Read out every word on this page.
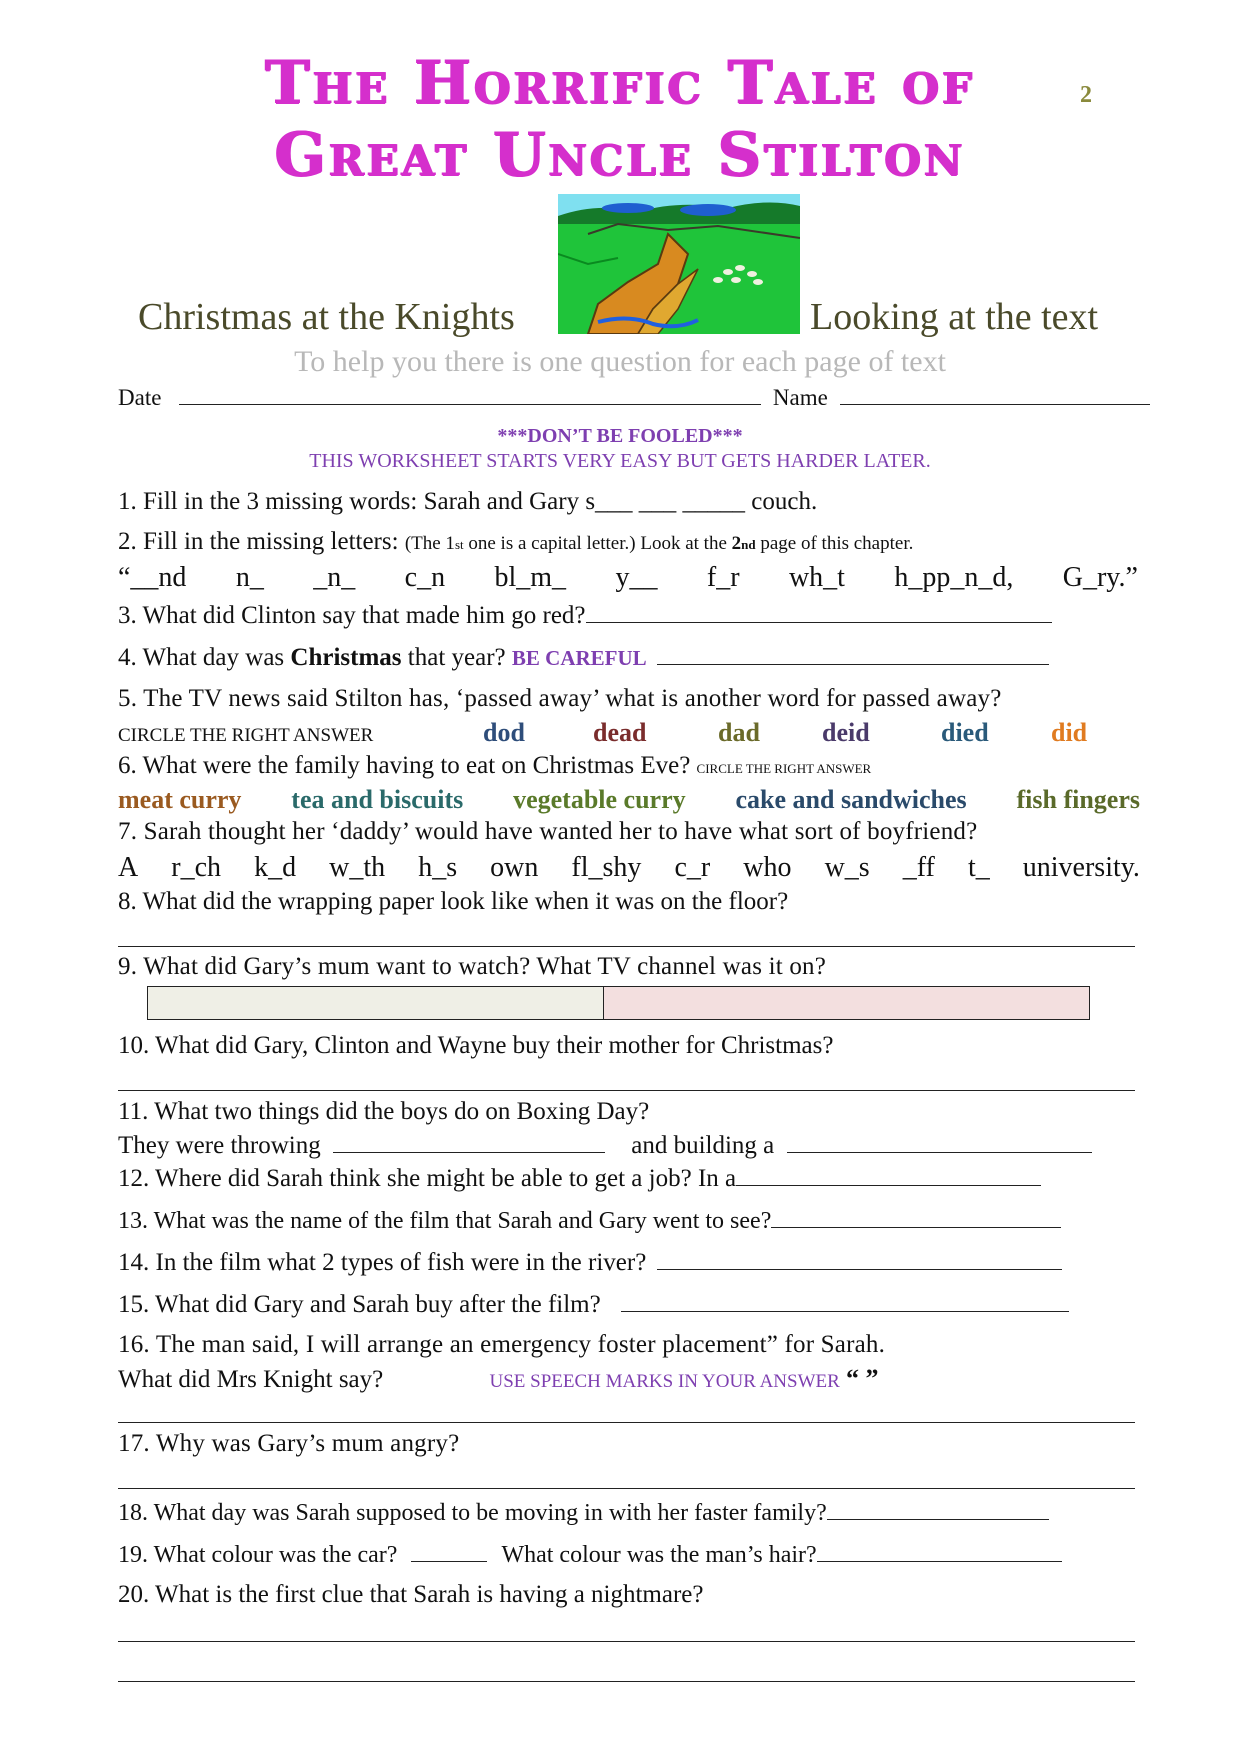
The Horrific Tale of
Great Uncle Stilton
2
Christmas at the Knights	Looking at the text
To help you there is one question for each page of text
Date	Name
***DON’T BE FOOLED***
THIS WORKSHEET STARTS VERY EASY BUT GETS HARDER LATER.
1. Fill in the 3 missing words: Sarah and Gary s___ ___ _____ couch.
2. Fill in the missing letters: (The 1st one is a capital letter.) Look at the 2nd page of this chapter.
“__nd n_ _n_ c_n bl_m_ y__ f_r wh_t h_pp_n_d, G_ry.”
3. What did Clinton say that made him go red?
4. What day was Christmas that year? BE CAREFUL
5. The TV news said Stilton has, ‘passed away’ what is another word for passed away?
CIRCLE THE RIGHT ANSWER	dod	dead	dad deid	died did
6. What were the family having to eat on Christmas Eve? CIRCLE THE RIGHT ANSWER
meat curry tea and biscuits vegetable curry cake and sandwiches fish fingers
7. Sarah thought her ‘daddy’ would have wanted her to have what sort of boyfriend?
A r_ch k_d w_th h_s own fl_shy c_r who w_s _ff t_ university.
8. What did the wrapping paper look like when it was on the floor?
9. What did Gary’s mum want to watch? What TV channel was it on?
10. What did Gary, Clinton and Wayne buy their mother for Christmas?
11. What two things did the boys do on Boxing Day?
They were throwing	and building a
12. Where did Sarah think she might be able to get a job? In a
13. What was the name of the film that Sarah and Gary went to see?
14. In the film what 2 types of fish were in the river?
15. What did Gary and Sarah buy after the film?
16. The man said, I will arrange an emergency foster placement” for Sarah.
What did Mrs Knight say?	USE SPEECH MARKS IN YOUR ANSWER “ ”
17. Why was Gary’s mum angry?
18. What day was Sarah supposed to be moving in with her faster family?
19. What colour was the car?	What colour was the man’s hair?
20. What is the first clue that Sarah is having a nightmare?
